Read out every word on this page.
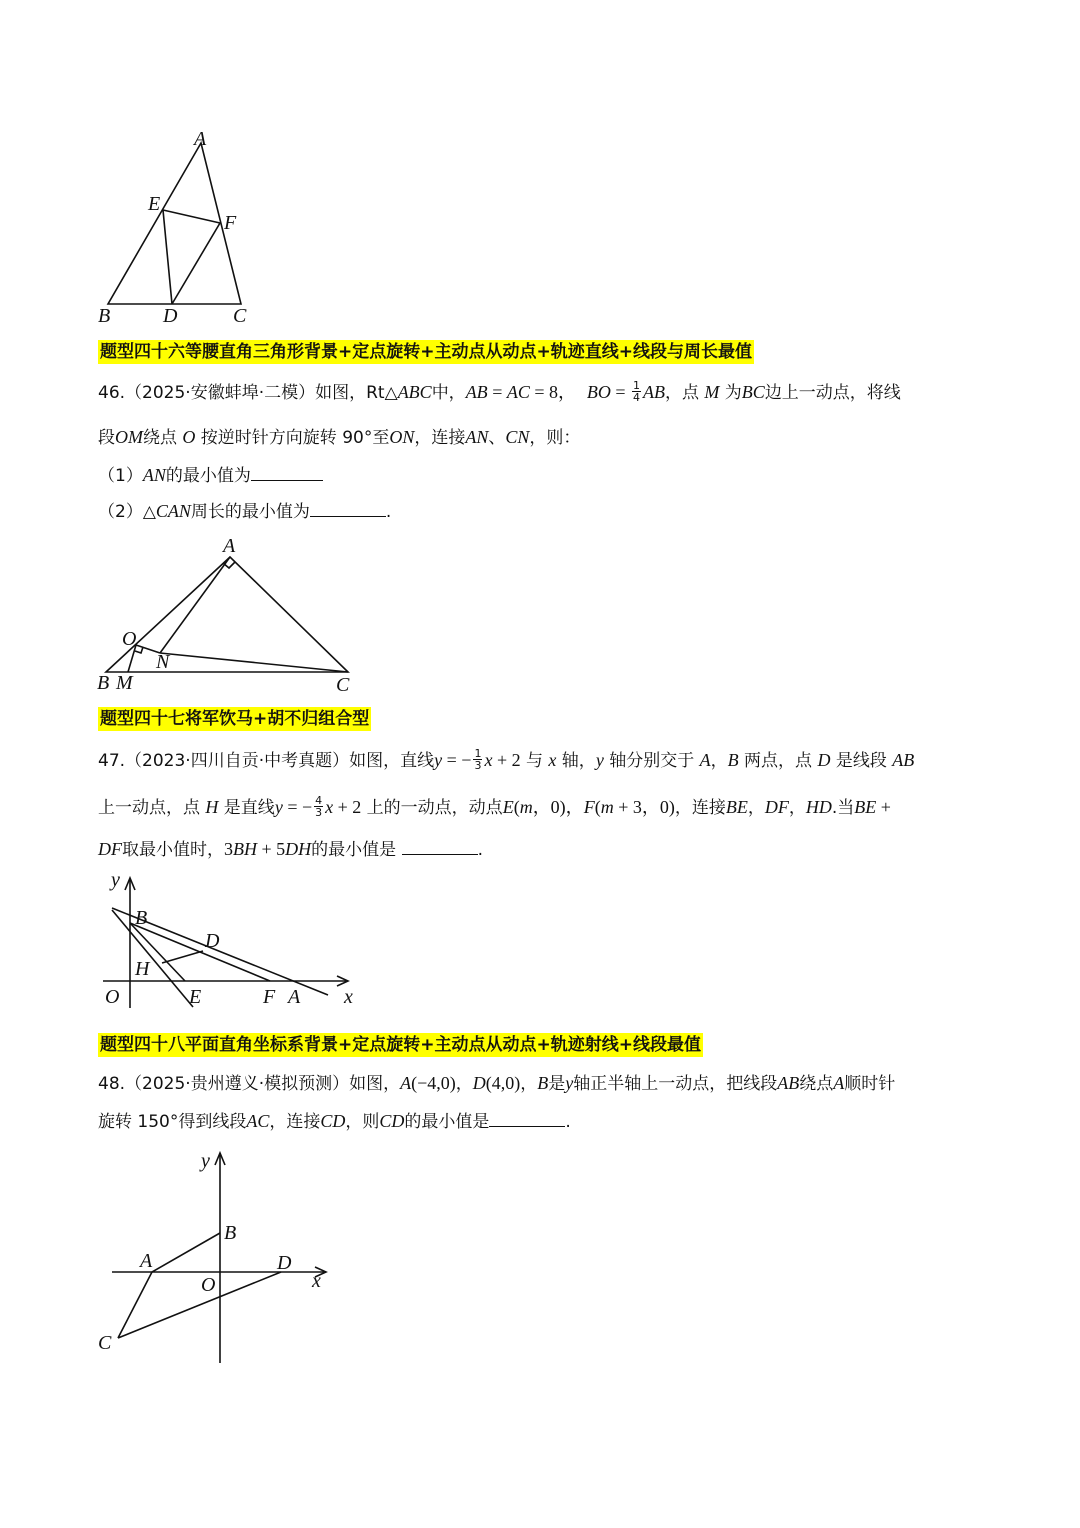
A
E
F
B	D	C
题型四十六等腰直角三角形背景+定点旋转+主动点从动点+轨迹直线+线段与周长最值
46.（2025·安徽蚌埠·二模）如图，Rt△ABC中，AB = AC = 8， BO = $\frac{1}{4}$ AB，点 M 为BC边上一动点，将线
段OM绕点 O 按逆时针方向旋转 90°至ON，连接AN、CN，则：
（1）AN的最小值为
（2）△CAN周长的最小值为	.
A
O
N
B M	C
题型四十七将军饮马+胡不归组合型
47.（2023·四川自贡·中考真题）如图，直线y = − $\frac{1}{3}$ x + 2 与 x 轴，y 轴分别交于 A，B 两点，点 D 是线段 AB
上一动点，点 H 是直线y = − $\frac{4}{3}$ x + 2 上的一动点，动点E(m，0)，F(m + 3，0)，连接BE，DF，HD.当BE +
DF取最小值时，3BH + 5DH的最小值是	.
y
B
D
H
O	E	F A x
题型四十八平面直角坐标系背景+定点旋转+主动点从动点+轨迹射线+线段最值
48.（2025·贵州遵义·模拟预测）如图，A(−4,0)，D(4,0)，B是y轴正半轴上一动点，把线段AB绕点A顺时针
旋转 150°得到线段AC，连接CD，则CD的最小值是	.
y
B
A
O
D
x
C
